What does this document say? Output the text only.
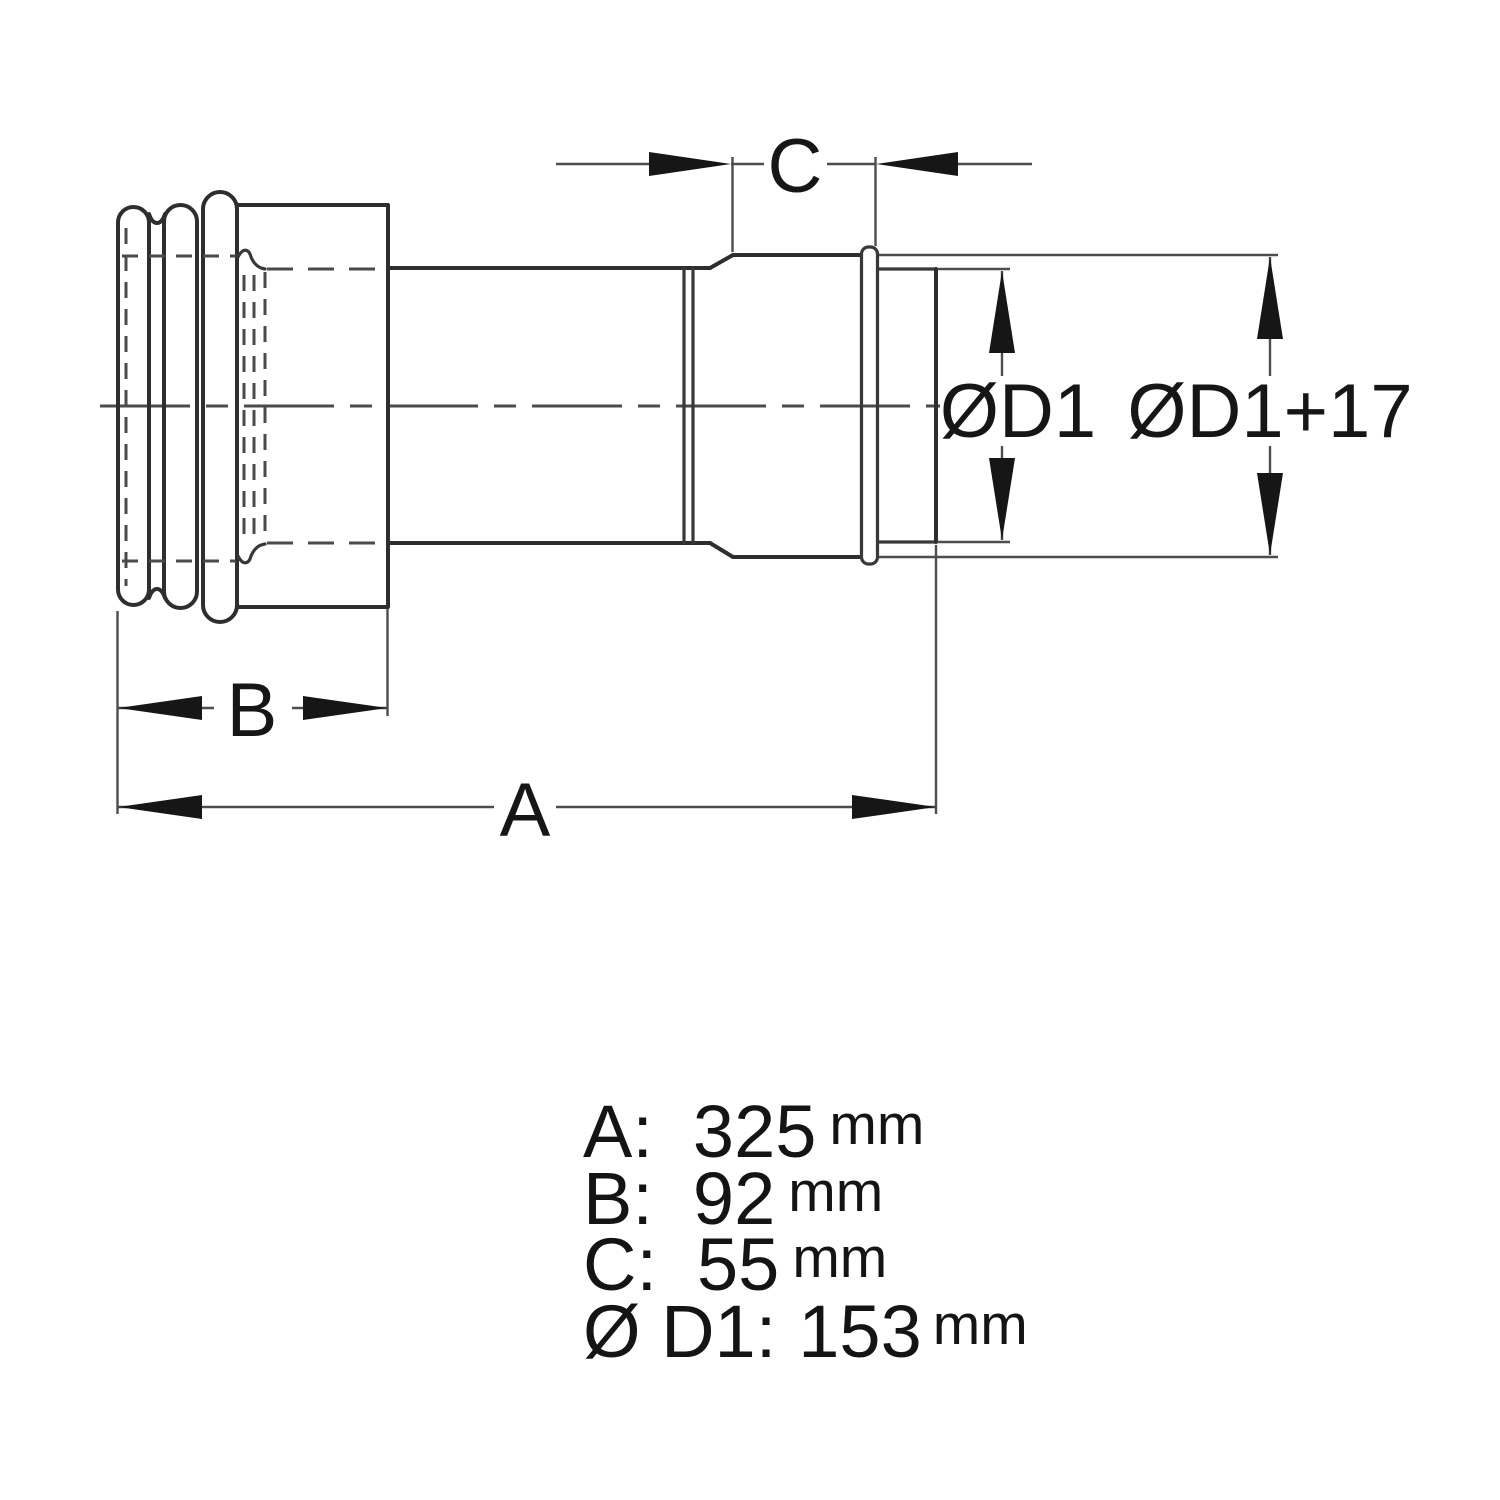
C
ØD1 ØD1+17
B
A
A: 325 mm
B: 92 mm
C: 55 mm
Ø D1: 153 mm
